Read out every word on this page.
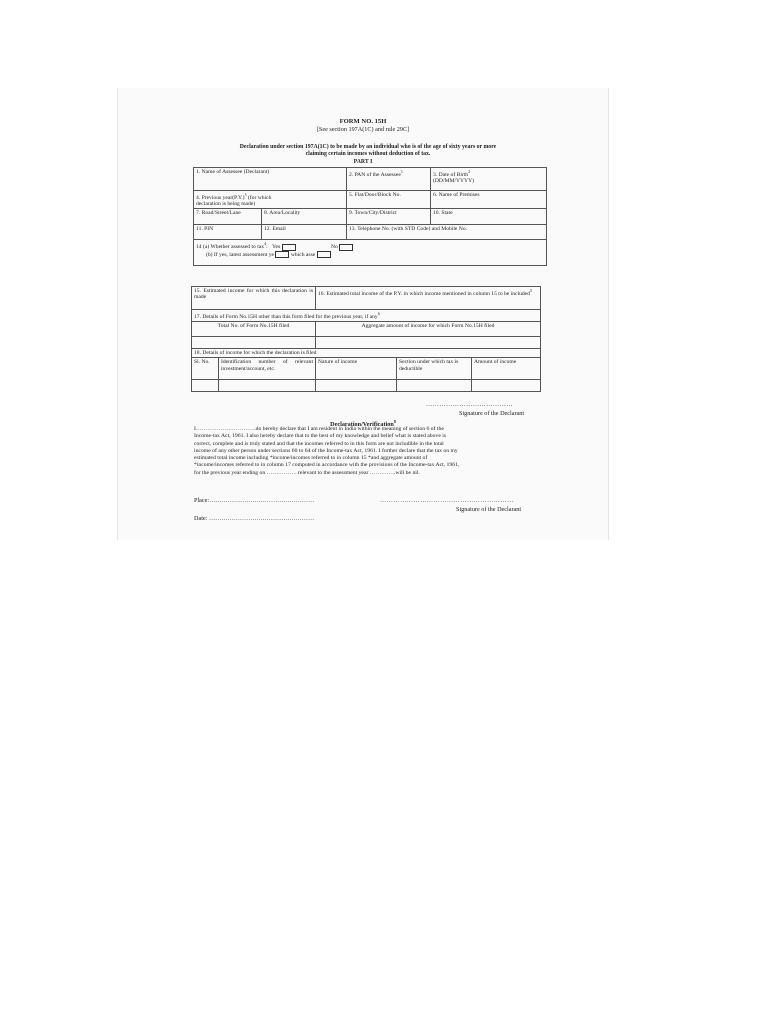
FORM NO. 15H
[See section 197A(1C) and rule 29C]
Declaration under section 197A(1C) to be made by an individual who is of the age of sixty years or more
claiming certain incomes without deduction of tax.
PART I
1. Name of Assessee (Declarant)		2. PAN of the Assessee$^1$	3. Date of Birth$^2$
(DD/MM/YYYY)
4. Previous $year(P.Y.)^3$ (for which
declaration is being made)		5. Flat/Door/Block No.	6. Name of Premises
7. Road/Street/Lane	8. Area/Locality	9. Town/City/District	10. State
11. PIN	12. Email	13. Telephone No. (with STD Code) and Mobile No.	

14 (a) Whether assessed to tax$^4$: Yes No
(b) If yes, latest assessment ye which asse			
15. Estimated income for which this declaration is made		16. Estimated total income of the P.Y. in which income mentioned in column 15 to be included$^5$
17. Details of Form No.15H other than this form filed for the previous year, if any$^6$
Total No. of Form No.15H filed		Aggregate amount of income for which Form No.15H filed		

18. Details of income for which the declaration is filed				
Sl. No.	Identification number of relevant investment/account, etc.	Nature of income	Section under which tax is deductible	Amount of income

…………………………………
Signature of the Declarant
Declaration/Verification$^8$
I…………………………..do hereby declare that I am resident in India within the meaning of section 6 of the
Income-tax Act, 1961. I also hereby declare that to the best of my knowledge and belief what is stated above is
correct, complete and is truly stated and that the incomes referred to in this form are not includible in the total
income of any other person under sections 60 to 64 of the Income-tax Act, 1961. I further declare that the tax on my
estimated total income including *income/incomes referred to in column 15 *and aggregate amount of
*income/incomes referred to in column 17 computed in accordance with the provisions of the Income-tax Act, 1961,
for the previous year ending on ……………. relevant to the assessment year …………..will be nil.
Place:……………………………………………	……………………………………………………
Signature of the Declarant
Date: ……………………………………………
